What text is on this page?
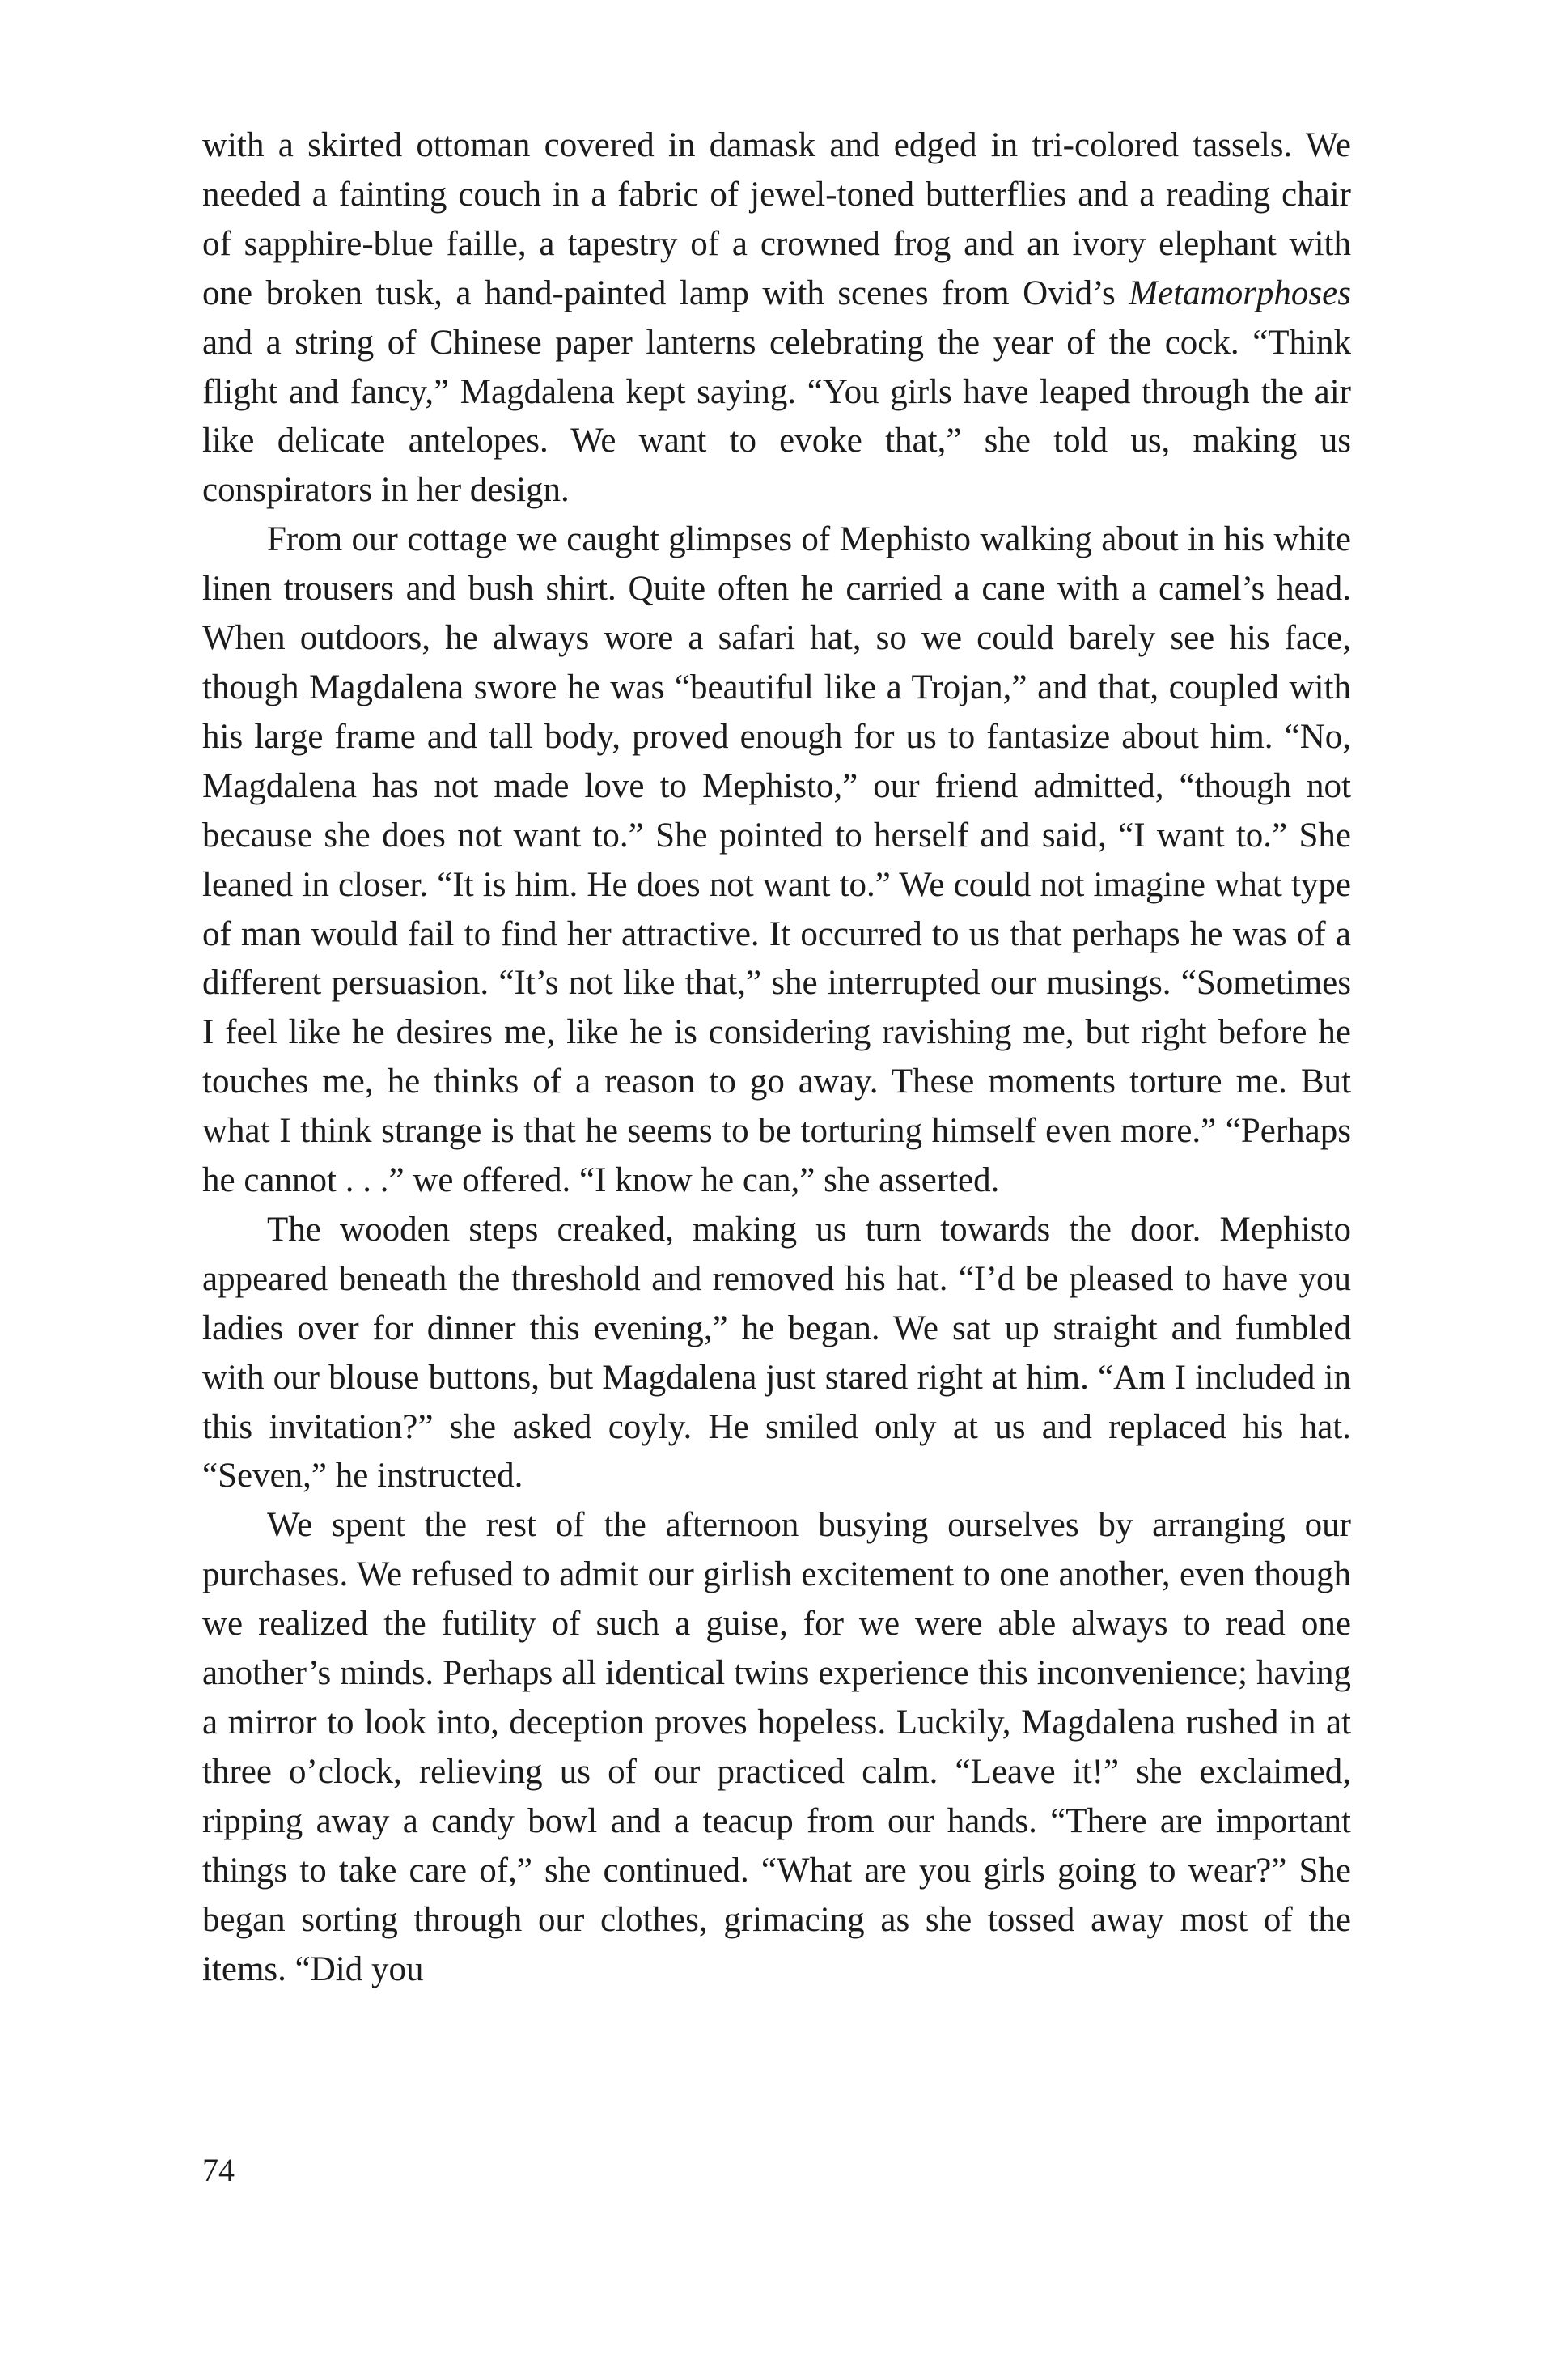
with a skirted ottoman covered in damask and edged in tri-colored tassels. We needed a fainting couch in a fabric of jewel-toned butterflies and a reading chair of sapphire-blue faille, a tapestry of a crowned frog and an ivory elephant with one broken tusk, a hand-painted lamp with scenes from Ovid’s Metamorphoses and a string of Chinese paper lanterns celebrating the year of the cock. “Think flight and fancy,” Magdalena kept saying. “You girls have leaped through the air like delicate antelopes. We want to evoke that,” she told us, making us conspirators in her design.

From our cottage we caught glimpses of Mephisto walking about in his white linen trousers and bush shirt. Quite often he carried a cane with a camel’s head. When outdoors, he always wore a safari hat, so we could barely see his face, though Magdalena swore he was “beautiful like a Trojan,” and that, coupled with his large frame and tall body, proved enough for us to fantasize about him. “No, Magdalena has not made love to Mephisto,” our friend admitted, “though not because she does not want to.” She pointed to herself and said, “I want to.” She leaned in closer. “It is him. He does not want to.” We could not imagine what type of man would fail to find her attractive. It occurred to us that perhaps he was of a different persuasion. “It’s not like that,” she interrupted our musings. “Sometimes I feel like he desires me, like he is considering ravishing me, but right before he touches me, he thinks of a reason to go away. These moments torture me. But what I think strange is that he seems to be torturing himself even more.” “Perhaps he cannot . . .” we offered. “I know he can,” she asserted.

The wooden steps creaked, making us turn towards the door. Mephisto appeared beneath the threshold and removed his hat. “I’d be pleased to have you ladies over for dinner this evening,” he began. We sat up straight and fumbled with our blouse buttons, but Magdalena just stared right at him. “Am I included in this invitation?” she asked coyly. He smiled only at us and replaced his hat. “Seven,” he instructed.

We spent the rest of the afternoon busying ourselves by arranging our purchases. We refused to admit our girlish excitement to one another, even though we realized the futility of such a guise, for we were able always to read one another’s minds. Perhaps all identical twins experience this inconvenience; having a mirror to look into, deception proves hopeless. Luckily, Magdalena rushed in at three o’clock, relieving us of our practiced calm. “Leave it!” she exclaimed, ripping away a candy bowl and a teacup from our hands. “There are important things to take care of,” she continued. “What are you girls going to wear?” She began sorting through our clothes, grimacing as she tossed away most of the items. “Did you

74
